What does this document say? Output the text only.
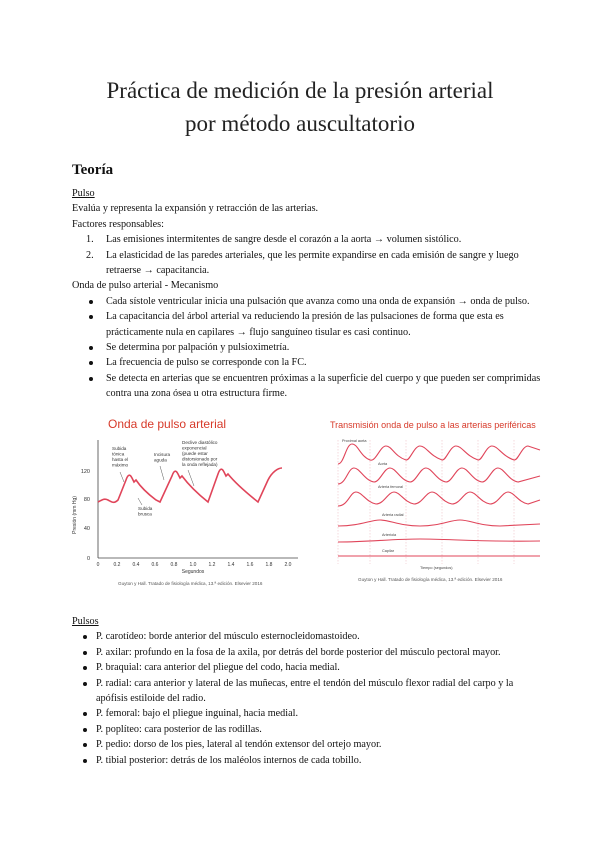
Práctica de medición de la presión arterial
por método auscultatorio
Teoría
Pulso
Evalúa y representa la expansión y retracción de las arterias.
Factores responsables:
1. Las emisiones intermitentes de sangre desde el corazón a la aorta → volumen sistólico.
2. La elasticidad de las paredes arteriales, que les permite expandirse en cada emisión de sangre y luego retraerse → capacitancia.
Onda de pulso arterial - Mecanismo
Cada sístole ventricular inicia una pulsación que avanza como una onda de expansión → onda de pulso.
La capacitancia del árbol arterial va reduciendo la presión de las pulsaciones de forma que esta es prácticamente nula en capilares → flujo sanguíneo tisular es casi continuo.
Se determina por palpación y pulsioximetría.
La frecuencia de pulso se corresponde con la FC.
Se detecta en arterias que se encuentren próximas a la superficie del cuerpo y que pueden ser comprimidas contra una zona ósea u otra estructura firme.
Onda de pulso arterial
120
80
40
0
Presión (mm Hg)
0	0.2 0.4 0.6 0.8 1.0 1.2 1.4 1.6 1.8 2.0
Segundos
Subida tónica hasta el máximo
Incisura aguda
Declive diastólico exponencial (puede estar distorsionado por la onda reflejada)
Subida brusca
Guyton y Hall. Tratado de fisiología médica, 13.ª edición. Elsevier 2016
Transmisión onda de pulso a las arterias periféricas
Proximal aorta
Aorta
Arteria femoral
Arteria radial
Arteriola
Capilar
Tiempo (segundos)
Guyton y Hall. Tratado de fisiología médica, 13.ª edición. Elsevier 2016
Pulsos
P. carotídeo: borde anterior del músculo esternocleidomastoideo.
P. axilar: profundo en la fosa de la axila, por detrás del borde posterior del músculo pectoral mayor.
P. braquial: cara anterior del pliegue del codo, hacia medial.
P. radial: cara anterior y lateral de las muñecas, entre el tendón del músculo flexor radial del carpo y la apófisis estiloide del radio.
P. femoral: bajo el pliegue inguinal, hacia medial.
P. poplíteo: cara posterior de las rodillas.
P. pedio: dorso de los pies, lateral al tendón extensor del ortejo mayor.
P. tibial posterior: detrás de los maléolos internos de cada tobillo.
